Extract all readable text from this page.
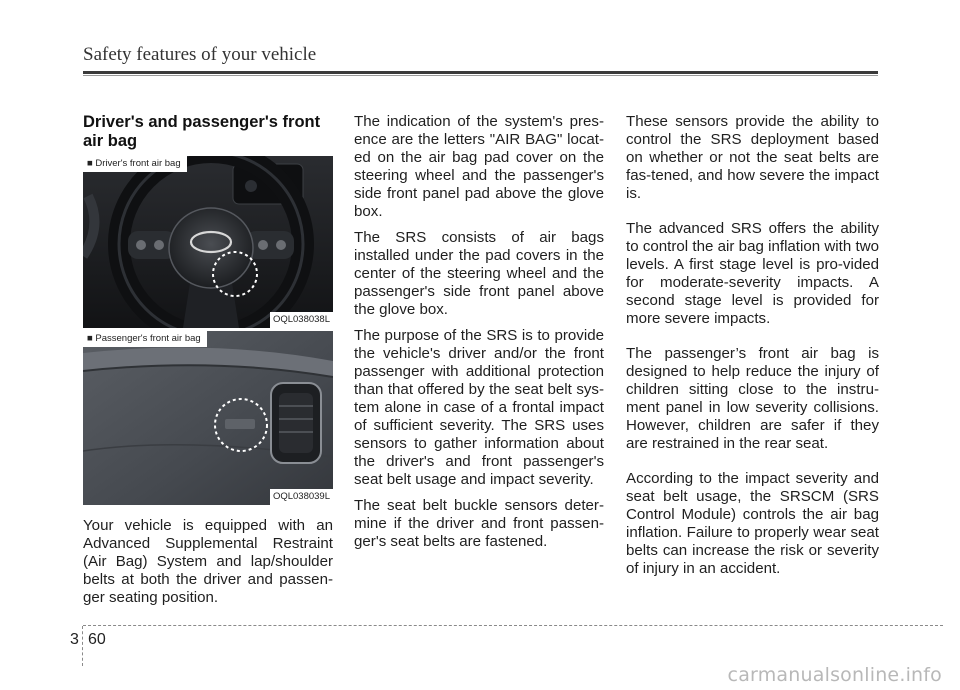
Safety features of your vehicle
Driver's and passenger's front air bag
■ Driver's front air bag
OQL038038L
■ Passenger's front air bag
OQL038039L

Your vehicle is equipped with an Advanced Supplemental Restraint (Air Bag) System and lap/shoulder belts at both the driver and passen-ger seating position.

The indication of the system's pres-ence are the letters "AIR BAG" locat-ed on the air bag pad cover on the steering wheel and the passenger's side front panel pad above the glove box.

The SRS consists of air bags installed under the pad covers in the center of the steering wheel and the passenger's side front panel above the glove box.

The purpose of the SRS is to provide the vehicle's driver and/or the front passenger with additional protection than that offered by the seat belt sys-tem alone in case of a frontal impact of sufficient severity. The SRS uses sensors to gather information about the driver's and front passenger's seat belt usage and impact severity.

The seat belt buckle sensors deter-mine if the driver and front passen-ger's seat belts are fastened.

These sensors provide the ability to control the SRS deployment based on whether or not the seat belts are fas-tened, and how severe the impact is.

The advanced SRS offers the ability to control the air bag inflation with two levels. A first stage level is pro-vided for moderate-severity impacts. A second stage level is provided for more severe impacts.

The passenger’s front air bag is designed to help reduce the injury of children sitting close to the instru-ment panel in low severity collisions. However, children are safer if they are restrained in the rear seat.

According to the impact severity and seat belt usage, the SRSCM (SRS Control Module) controls the air bag inflation. Failure to properly wear seat belts can increase the risk or severity of injury in an accident.

3 60
carmanualsonline.info
